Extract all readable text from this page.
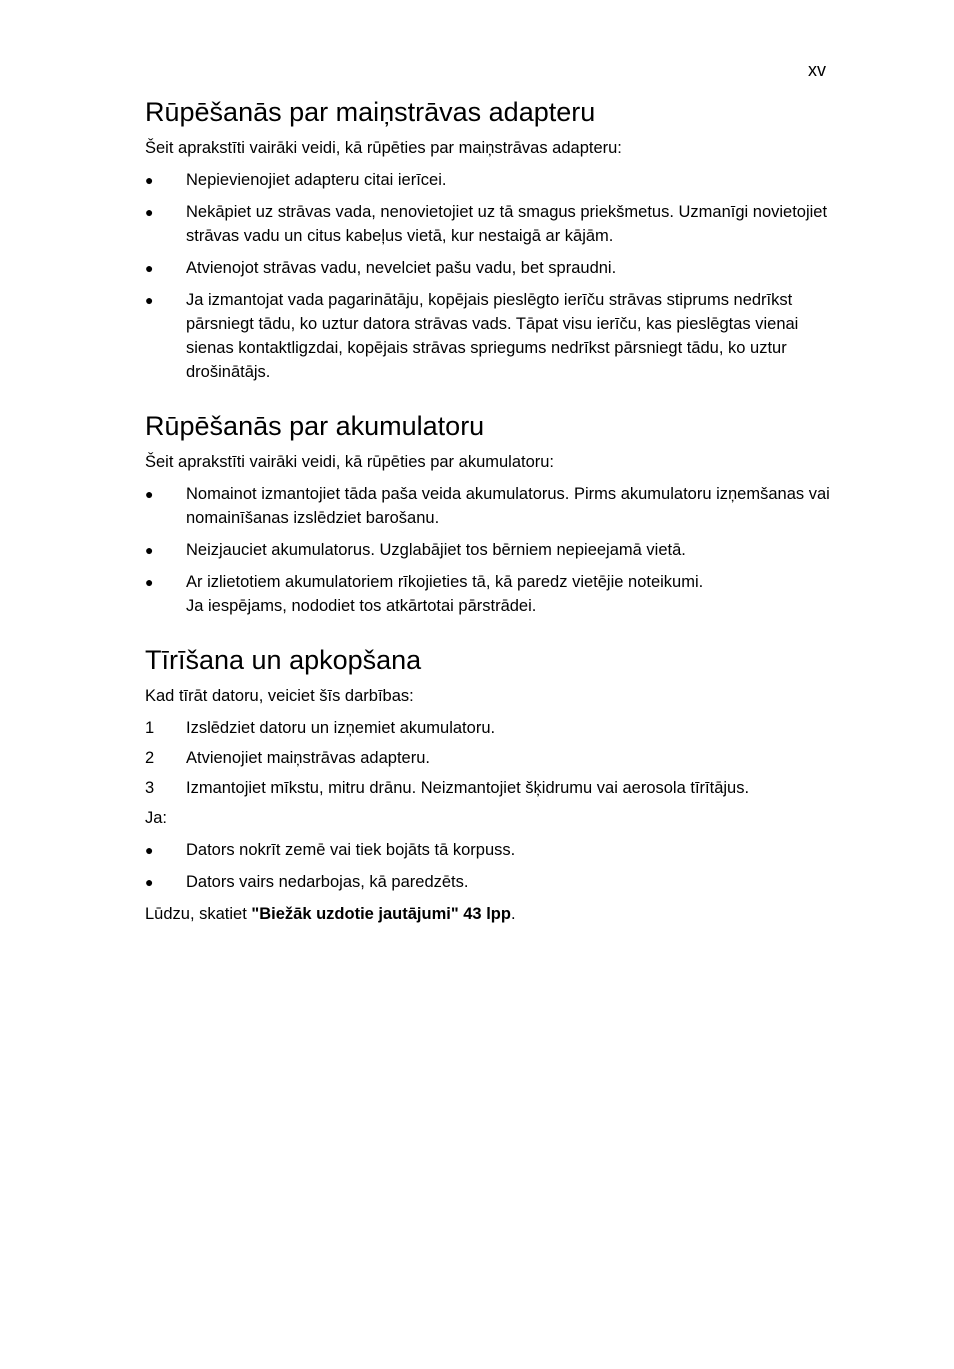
xv
Rūpēšanās par maiņstrāvas adapteru

Šeit aprakstīti vairāki veidi, kā rūpēties par maiņstrāvas adapteru:

● Nepievienojiet adapteru citai ierīcei.
● Nekāpiet uz strāvas vada, nenovietojiet uz tā smagus priekšmetus. Uzmanīgi novietojiet strāvas vadu un citus kabeļus vietā, kur nestaigā ar kājām.
● Atvienojot strāvas vadu, nevelciet pašu vadu, bet spraudni.
● Ja izmantojat vada pagarinātāju, kopējais pieslēgto ierīču strāvas stiprums nedrīkst pārsniegt tādu, ko uztur datora strāvas vads. Tāpat visu ierīču, kas pieslēgtas vienai sienas kontaktligzdai, kopējais strāvas spriegums nedrīkst pārsniegt tādu, ko uztur drošinātājs.
Rūpēšanās par akumulatoru

Šeit aprakstīti vairāki veidi, kā rūpēties par akumulatoru:

● Nomainot izmantojiet tāda paša veida akumulatorus. Pirms akumulatoru izņemšanas vai nomainīšanas izslēdziet barošanu.
● Neizjauciet akumulatorus. Uzglabājiet tos bērniem nepieejamā vietā.
● Ar izlietotiem akumulatoriem rīkojieties tā, kā paredz vietējie noteikumi.
Ja iespējams, nododiet tos atkārtotai pārstrādei.
Tīrīšana un apkopšana

Kad tīrāt datoru, veiciet šīs darbības:

1 Izslēdziet datoru un izņemiet akumulatoru.
2 Atvienojiet maiņstrāvas adapteru.
3 Izmantojiet mīkstu, mitru drānu. Neizmantojiet šķidrumu vai aerosola tīrītājus.

Ja:

● Dators nokrīt zemē vai tiek bojāts tā korpuss.
● Dators vairs nedarbojas, kā paredzēts.

Lūdzu, skatiet "Biežāk uzdotie jautājumi" 43 lpp.
